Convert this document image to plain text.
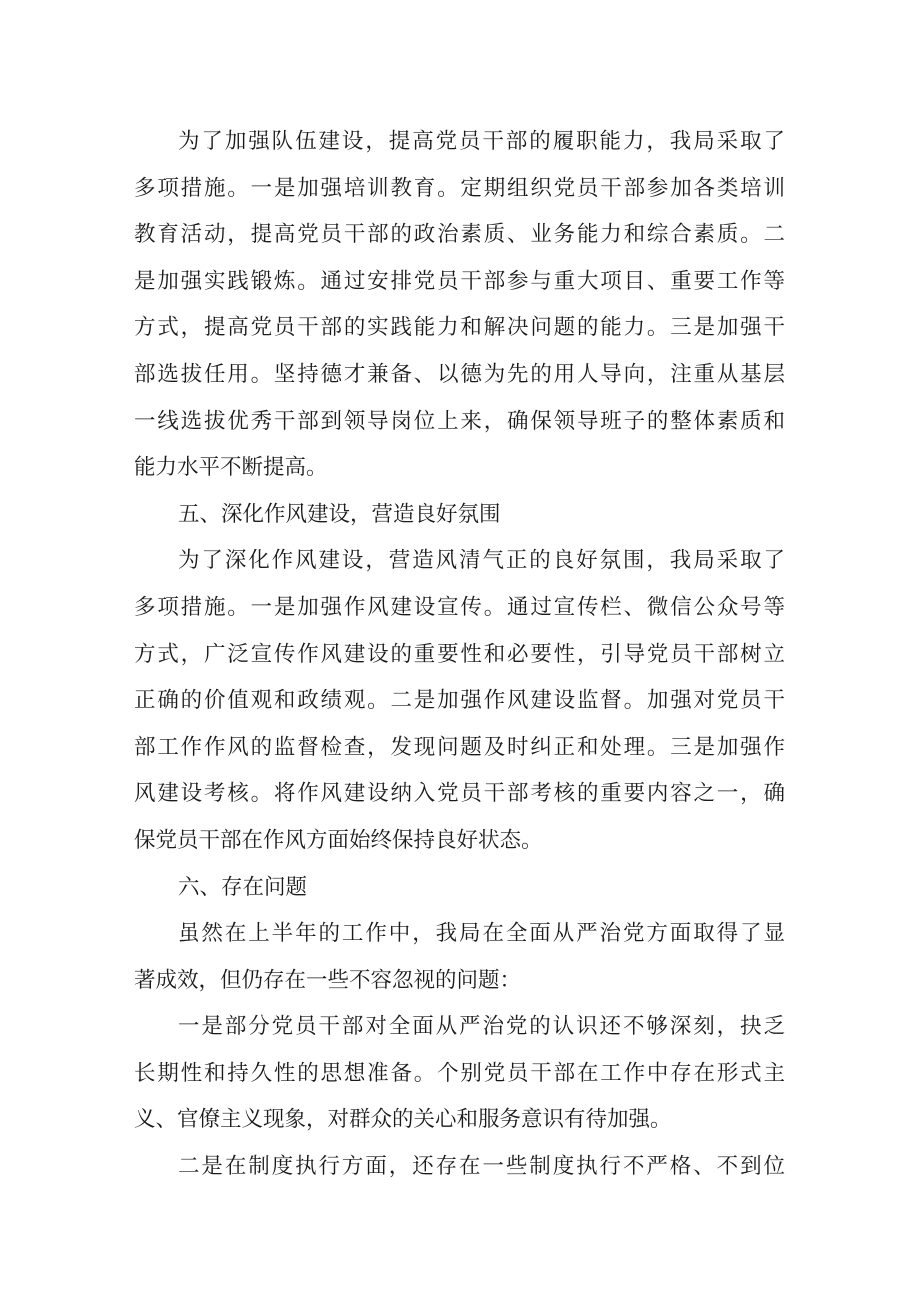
为了加强队伍建设，提高党员干部的履职能力，我局采取了
多项措施。一是加强培训教育。定期组织党员干部参加各类培训
教育活动，提高党员干部的政治素质、业务能力和综合素质。二
是加强实践锻炼。通过安排党员干部参与重大项目、重要工作等
方式，提高党员干部的实践能力和解决问题的能力。三是加强干
部选拔任用。坚持德才兼备、以德为先的用人导向，注重从基层
一线选拔优秀干部到领导岗位上来，确保领导班子的整体素质和
能力水平不断提高。
五、深化作风建设，营造良好氛围
为了深化作风建设，营造风清气正的良好氛围，我局采取了
多项措施。一是加强作风建设宣传。通过宣传栏、微信公众号等
方式，广泛宣传作风建设的重要性和必要性，引导党员干部树立
正确的价值观和政绩观。二是加强作风建设监督。加强对党员干
部工作作风的监督检查，发现问题及时纠正和处理。三是加强作
风建设考核。将作风建设纳入党员干部考核的重要内容之一，确
保党员干部在作风方面始终保持良好状态。
六、存在问题
虽然在上半年的工作中，我局在全面从严治党方面取得了显
著成效，但仍存在一些不容忽视的问题：
一是部分党员干部对全面从严治党的认识还不够深刻，抉乏
长期性和持久性的思想准备。个别党员干部在工作中存在形式主
义、官僚主义现象，对群众的关心和服务意识有待加强。
二是在制度执行方面，还存在一些制度执行不严格、不到位
